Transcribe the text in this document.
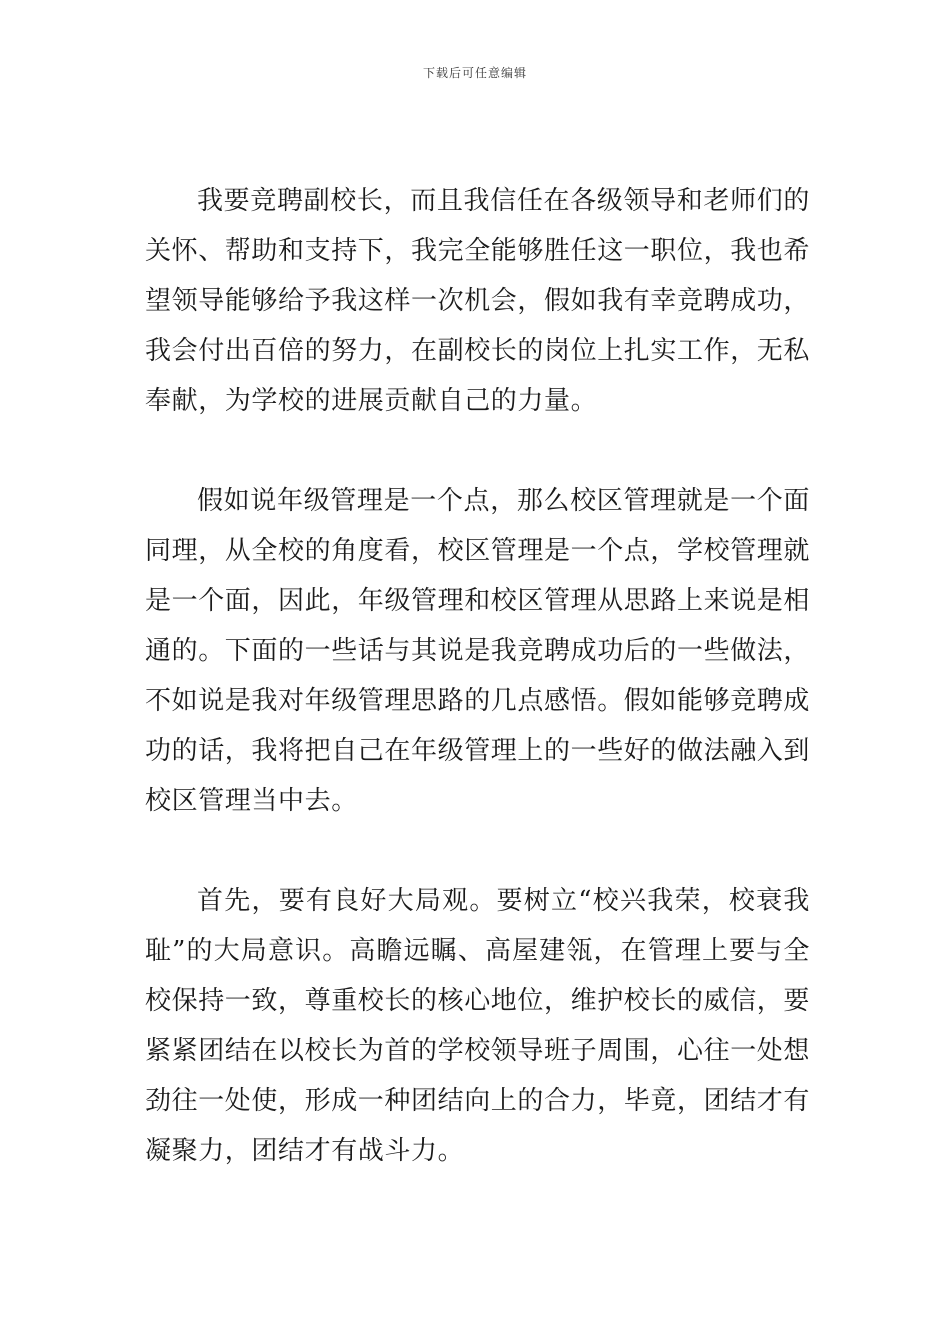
下载后可任意编辑

我要竞聘副校长，而且我信任在各级领导和老师们的
关怀、帮助和支持下，我完全能够胜任这一职位，我也希
望领导能够给予我这样一次机会，假如我有幸竞聘成功，
我会付出百倍的努力，在副校长的岗位上扎实工作，无私
奉献，为学校的进展贡献自己的力量。

假如说年级管理是一个点，那么校区管理就是一个面
同理，从全校的角度看，校区管理是一个点，学校管理就
是一个面，因此，年级管理和校区管理从思路上来说是相
通的。下面的一些话与其说是我竞聘成功后的一些做法，
不如说是我对年级管理思路的几点感悟。假如能够竞聘成
功的话，我将把自己在年级管理上的一些好的做法融入到
校区管理当中去。

首先，要有良好大局观。要树立“校兴我荣，校衰我
耻”的大局意识。高瞻远瞩、高屋建瓴，在管理上要与全
校保持一致，尊重校长的核心地位，维护校长的威信，要
紧紧团结在以校长为首的学校领导班子周围，心往一处想
劲往一处使，形成一种团结向上的合力，毕竟，团结才有
凝聚力，团结才有战斗力。
